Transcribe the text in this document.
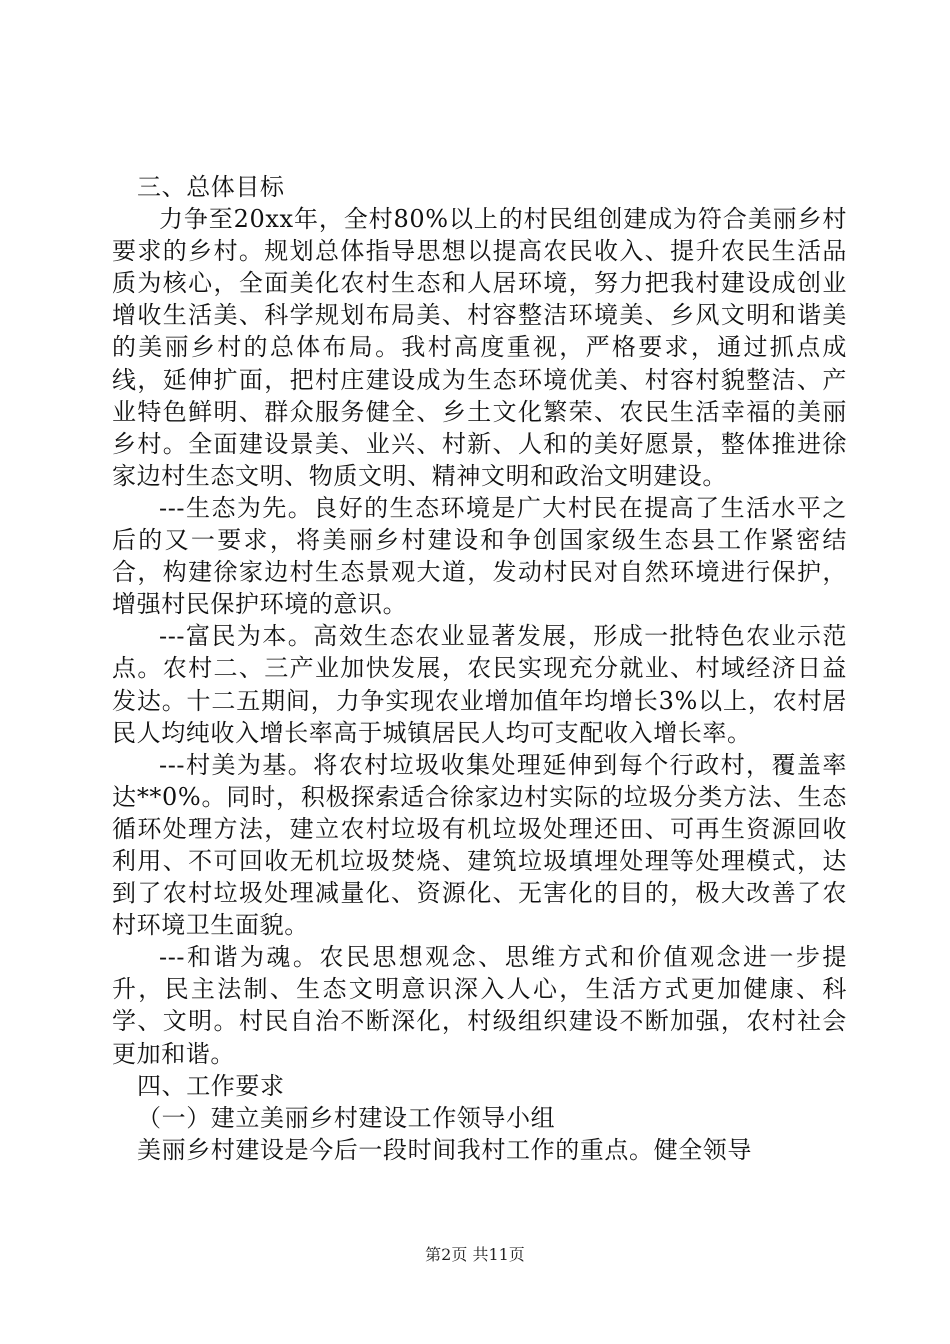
三、总体目标

力争至20xx年，全村80%以上的村民组创建成为符合美丽乡村要求的乡村。规划总体指导思想以提高农民收入、提升农民生活品质为核心，全面美化农村生态和人居环境，努力把我村建设成创业增收生活美、科学规划布局美、村容整洁环境美、乡风文明和谐美的美丽乡村的总体布局。我村高度重视，严格要求，通过抓点成线，延伸扩面，把村庄建设成为生态环境优美、村容村貌整洁、产业特色鲜明、群众服务健全、乡土文化繁荣、农民生活幸福的美丽乡村。全面建设景美、业兴、村新、人和的美好愿景，整体推进徐家边村生态文明、物质文明、精神文明和政治文明建设。

---生态为先。良好的生态环境是广大村民在提高了生活水平之后的又一要求，将美丽乡村建设和争创国家级生态县工作紧密结合，构建徐家边村生态景观大道，发动村民对自然环境进行保护，增强村民保护环境的意识。

---富民为本。高效生态农业显著发展，形成一批特色农业示范点。农村二、三产业加快发展，农民实现充分就业、村域经济日益发达。十二五期间，力争实现农业增加值年均增长3%以上，农村居民人均纯收入增长率高于城镇居民人均可支配收入增长率。

---村美为基。将农村垃圾收集处理延伸到每个行政村，覆盖率达**0%。同时，积极探索适合徐家边村实际的垃圾分类方法、生态循环处理方法，建立农村垃圾有机垃圾处理还田、可再生资源回收利用、不可回收无机垃圾焚烧、建筑垃圾填埋处理等处理模式，达到了农村垃圾处理减量化、资源化、无害化的目的，极大改善了农村环境卫生面貌。

---和谐为魂。农民思想观念、思维方式和价值观念进一步提升，民主法制、生态文明意识深入人心，生活方式更加健康、科学、文明。村民自治不断深化，村级组织建设不断加强，农村社会更加和谐。

四、工作要求

（一）建立美丽乡村建设工作领导小组

美丽乡村建设是今后一段时间我村工作的重点。健全领导

第2页 共11页
